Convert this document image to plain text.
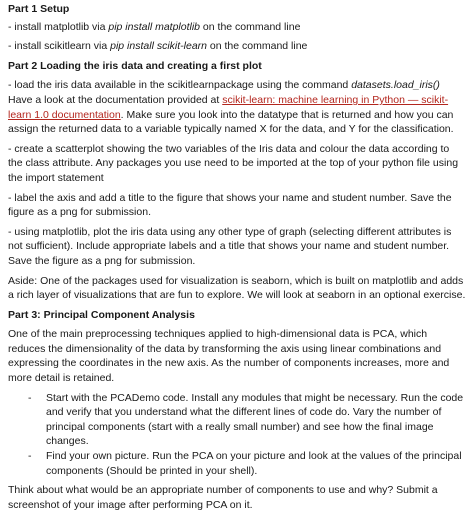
Part 1 Setup

- install matplotlib via pip install matplotlib on the command line

- install scikitlearn via pip install scikit-learn on the command line

Part 2 Loading the iris data and creating a first plot

- load the iris data available in the scikitlearnpackage using the command datasets.load_iris() Have a look at the documentation provided at scikit-learn: machine learning in Python — scikit-learn 1.0 documentation. Make sure you look into the datatype that is returned and how you can assign the returned data to a variable typically named X for the data, and Y for the classification.

- create a scatterplot showing the two variables of the Iris data and colour the data according to the class attribute. Any packages you use need to be imported at the top of your python file using the import statement

- label the axis and add a title to the figure that shows your name and student number. Save the figure as a png for submission.

- using matplotlib, plot the iris data using any other type of graph (selecting different attributes is not sufficient). Include appropriate labels and a title that shows your name and student number. Save the figure as a png for submission.

Aside: One of the packages used for visualization is seaborn, which is built on matplotlib and adds a rich layer of visualizations that are fun to explore. We will look at seaborn in an optional exercise.

Part 3: Principal Component Analysis

One of the main preprocessing techniques applied to high-dimensional data is PCA, which reduces the dimensionality of the data by transforming the axis using linear combinations and expressing the coordinates in the new axis. As the number of components increases, more and more detail is retained.

-	Start with the PCADemo code. Install any modules that might be necessary. Run the code and verify that you understand what the different lines of code do. Vary the number of principal components (start with a really small number) and see how the final image changes.
-	Find your own picture. Run the PCA on your picture and look at the values of the principal components (Should be printed in your shell).

Think about what would be an appropriate number of components to use and why? Submit a screenshot of your image after performing PCA on it.
